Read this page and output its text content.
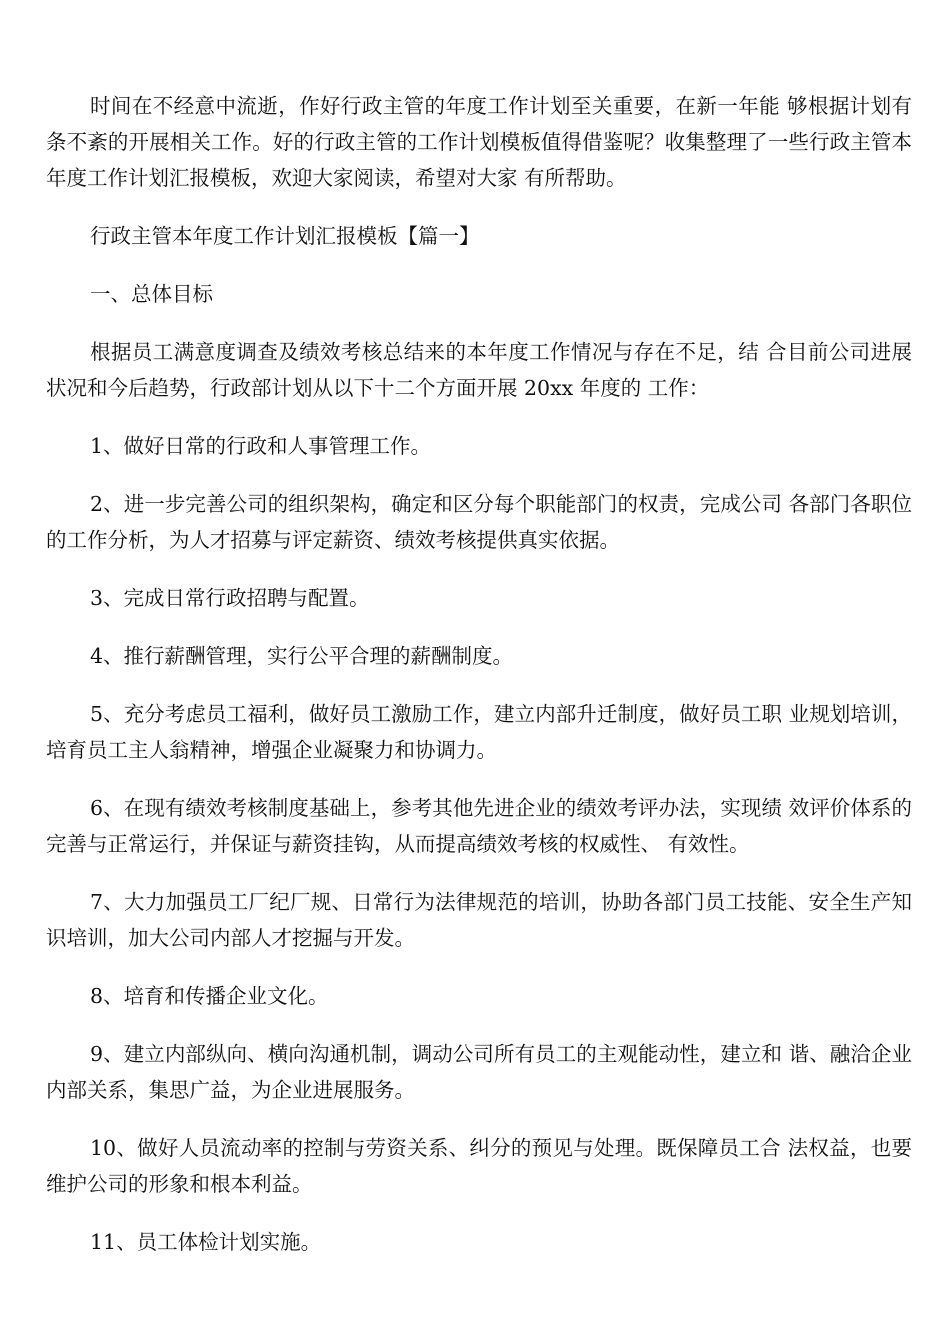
时间在不经意中流逝，作好行政主管的年度工作计划至关重要，在新一年能 够根据计划有条不紊的开展相关工作。好的行政主管的工作计划模板值得借鉴呢？收集整理了一些行政主管本年度工作计划汇报模板，欢迎大家阅读，希望对大家 有所帮助。

行政主管本年度工作计划汇报模板【篇一】

一、总体目标

根据员工满意度调查及绩效考核总结来的本年度工作情况与存在不足，结 合目前公司进展状况和今后趋势，行政部计划从以下十二个方面开展 20xx 年度的 工作：

1、做好日常的行政和人事管理工作。

2、进一步完善公司的组织架构，确定和区分每个职能部门的权责，完成公司 各部门各职位的工作分析，为人才招募与评定薪资、绩效考核提供真实依据。

3、完成日常行政招聘与配置。

4、推行薪酬管理，实行公平合理的薪酬制度。

5、充分考虑员工福利，做好员工激励工作，建立内部升迁制度，做好员工职 业规划培训，培育员工主人翁精神，增强企业凝聚力和协调力。

6、在现有绩效考核制度基础上，参考其他先进企业的绩效考评办法，实现绩 效评价体系的完善与正常运行，并保证与薪资挂钩，从而提高绩效考核的权威性、 有效性。

7、大力加强员工厂纪厂规、日常行为法律规范的培训，协助各部门员工技能、安全生产知识培训，加大公司内部人才挖掘与开发。

8、培育和传播企业文化。

9、建立内部纵向、横向沟通机制，调动公司所有员工的主观能动性，建立和 谐、融洽企业内部关系，集思广益，为企业进展服务。

10、做好人员流动率的控制与劳资关系、纠分的预见与处理。既保障员工合 法权益，也要维护公司的形象和根本利益。

11、员工体检计划实施。
